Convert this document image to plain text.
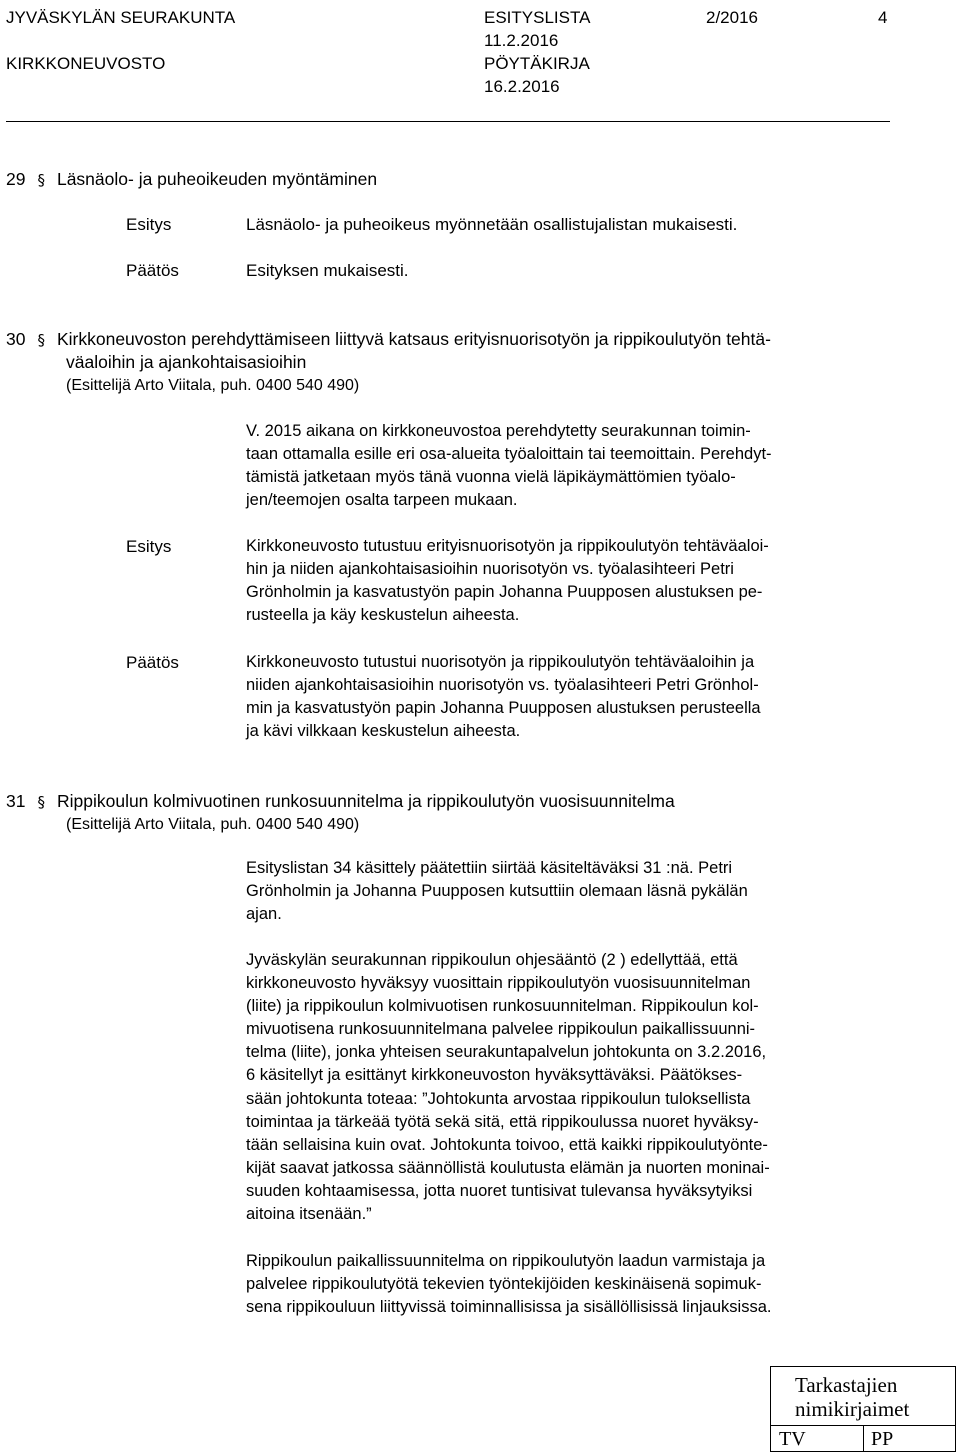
JYVÄSKYLÄN SEURAKUNTA
KIRKKONEUVOSTO
ESITYSLISTA
11.2.2016
PÖYTÄKIRJA
16.2.2016
2/2016	4
29 § Läsnäolo- ja puheoikeuden myöntäminen
Esitys	Läsnäolo- ja puheoikeus myönnetään osallistujalistan mukaisesti.
Päätös	Esityksen mukaisesti.
30 § Kirkkoneuvoston perehdyttämiseen liittyvä katsaus erityisnuorisotyön ja rippikoulutyön tehtä-
väaloihin ja ajankohtaisasioihin
(Esittelijä Arto Viitala, puh. 0400 540 490)

V. 2015 aikana on kirkkoneuvostoa perehdytetty seurakunnan toimin-

taan ottamalla esille eri osa-alueita työaloittain tai teemoittain. Perehdyt-

tämistä jatketaan myös tänä vuonna vielä läpikäymättömien työalo-

jen/teemojen osalta tarpeen mukaan.

Esitys	Kirkkoneuvosto tutustuu erityisnuorisotyön ja rippikoulutyön tehtäväaloi-

hin ja niiden ajankohtaisasioihin nuorisotyön vs. työalasihteeri Petri

Grönholmin ja kasvatustyön papin Johanna Puupposen alustuksen pe-

rusteella ja käy keskustelun aiheesta.

Päätös	Kirkkoneuvosto tutustui nuorisotyön ja rippikoulutyön tehtäväaloihin ja

niiden ajankohtaisasioihin nuorisotyön vs. työalasihteeri Petri Grönhol-

min ja kasvatustyön papin Johanna Puupposen alustuksen perusteella

ja kävi vilkkaan keskustelun aiheesta.

31 § Rippikoulun kolmivuotinen runkosuunnitelma ja rippikoulutyön vuosisuunnitelma
(Esittelijä Arto Viitala, puh. 0400 540 490)

Esityslistan 34 käsittely päätettiin siirtää käsiteltäväksi 31 :nä. Petri

Grönholmin ja Johanna Puupposen kutsuttiin olemaan läsnä pykälän

ajan.

Jyväskylän seurakunnan rippikoulun ohjesääntö (2 ) edellyttää, että

kirkkoneuvosto hyväksyy vuosittain rippikoulutyön vuosisuunnitelman

(liite) ja rippikoulun kolmivuotisen runkosuunnitelman. Rippikoulun kol-

mivuotisena runkosuunnitelmana palvelee rippikoulun paikallissuunni-

telma (liite), jonka yhteisen seurakuntapalvelun johtokunta on 3.2.2016,

6 käsitellyt ja esittänyt kirkkoneuvoston hyväksyttäväksi. Päätökses-

sään johtokunta toteaa: ”Johtokunta arvostaa rippikoulun tuloksellista

toimintaa ja tärkeää työtä sekä sitä, että rippikoulussa nuoret hyväksy-

tään sellaisina kuin ovat. Johtokunta toivoo, että kaikki rippikoulutyönte-

kijät saavat jatkossa säännöllistä koulutusta elämän ja nuorten moninai-

suuden kohtaamisessa, jotta nuoret tuntisivat tulevansa hyväksytyiksi

aitoina itsenään.”

Rippikoulun paikallissuunnitelma on rippikoulutyön laadun varmistaja ja

palvelee rippikoulutyötä tekevien työntekijöiden keskinäisenä sopimuk-

sena rippikouluun liittyvissä toiminnallisissa ja sisällöllisissä linjauksissa.

Tarkastajien
nimikirjaimet
TV	PP
